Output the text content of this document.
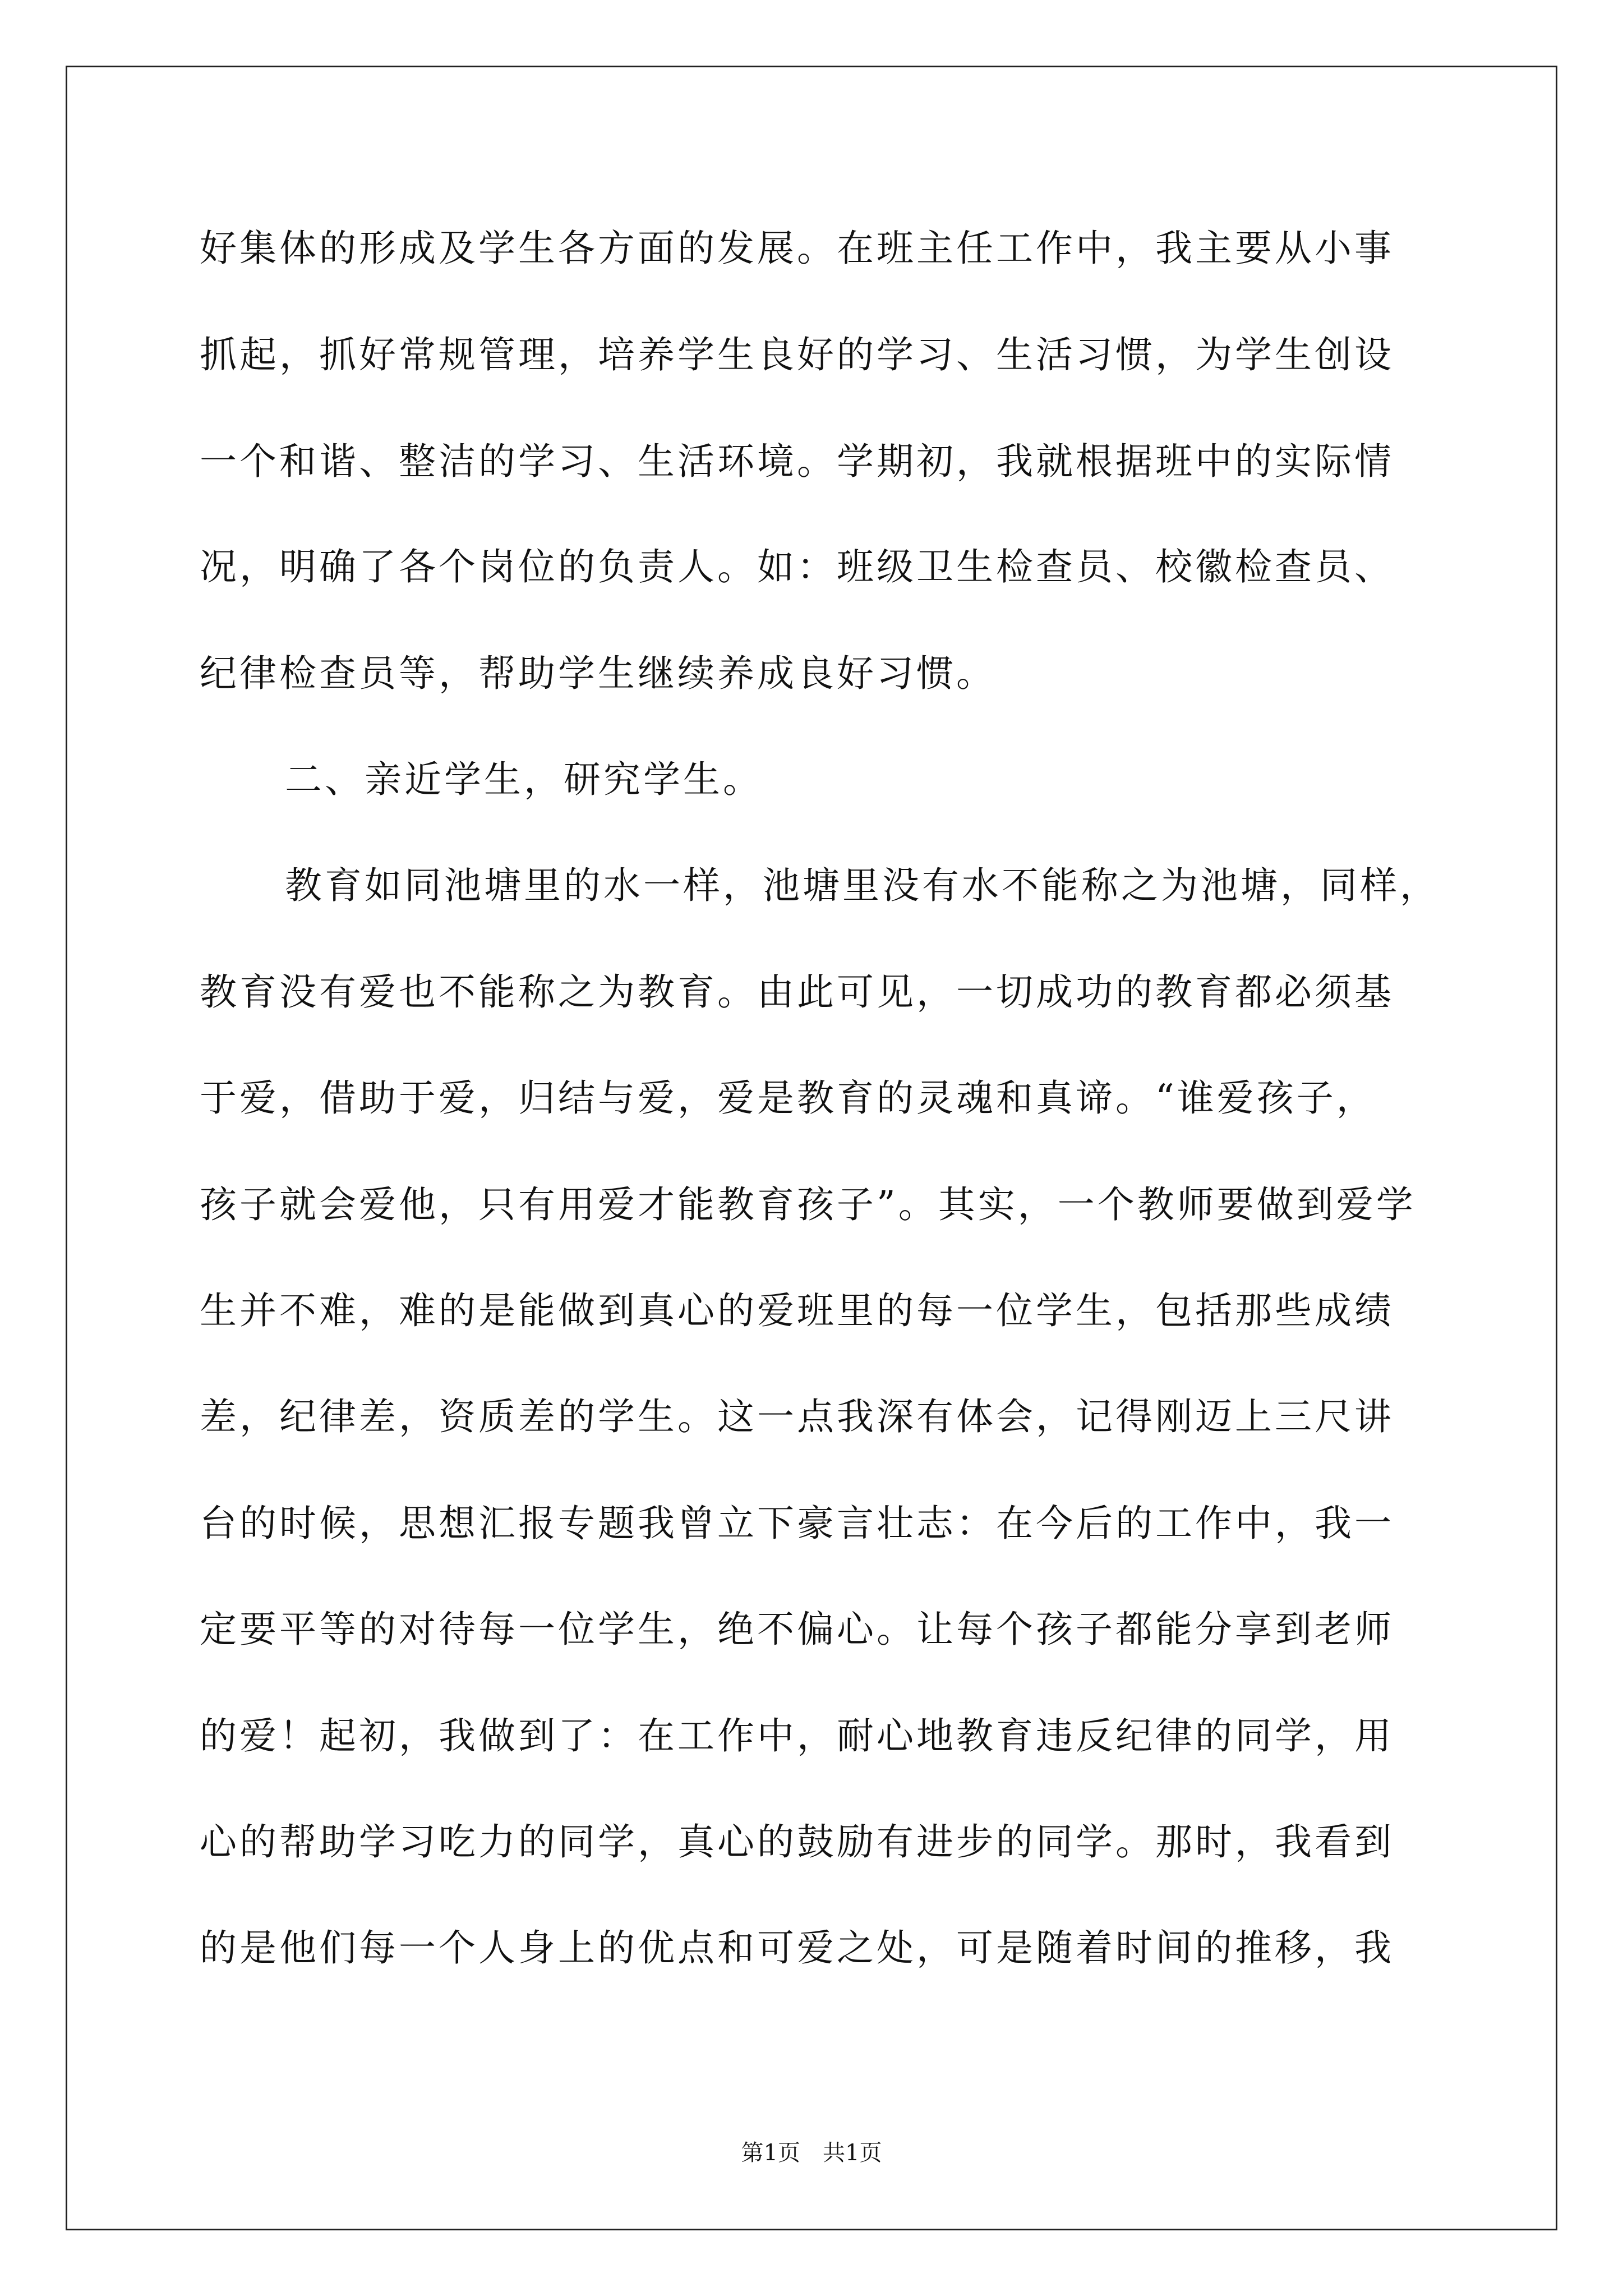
好集体的形成及学生各方面的发展。在班主任工作中，我主要从小事
抓起，抓好常规管理，培养学生良好的学习、生活习惯，为学生创设
一个和谐、整洁的学习、生活环境。学期初，我就根据班中的实际情
况，明确了各个岗位的负责人。如：班级卫生检查员、校徽检查员、
纪律检查员等，帮助学生继续养成良好习惯。
二、亲近学生，研究学生。
教育如同池塘里的水一样，池塘里没有水不能称之为池塘，同样，
教育没有爱也不能称之为教育。由此可见，一切成功的教育都必须基
于爱，借助于爱，归结与爱，爱是教育的灵魂和真谛。“谁爱孩子，
孩子就会爱他，只有用爱才能教育孩子”。其实，一个教师要做到爱学
生并不难，难的是能做到真心的爱班里的每一位学生，包括那些成绩
差，纪律差，资质差的学生。这一点我深有体会，记得刚迈上三尺讲
台的时候，思想汇报专题我曾立下豪言壮志：在今后的工作中，我一
定要平等的对待每一位学生，绝不偏心。让每个孩子都能分享到老师
的爱！起初，我做到了：在工作中，耐心地教育违反纪律的同学，用
心的帮助学习吃力的同学，真心的鼓励有进步的同学。那时，我看到
的是他们每一个人身上的优点和可爱之处，可是随着时间的推移，我
第1页　共1页
